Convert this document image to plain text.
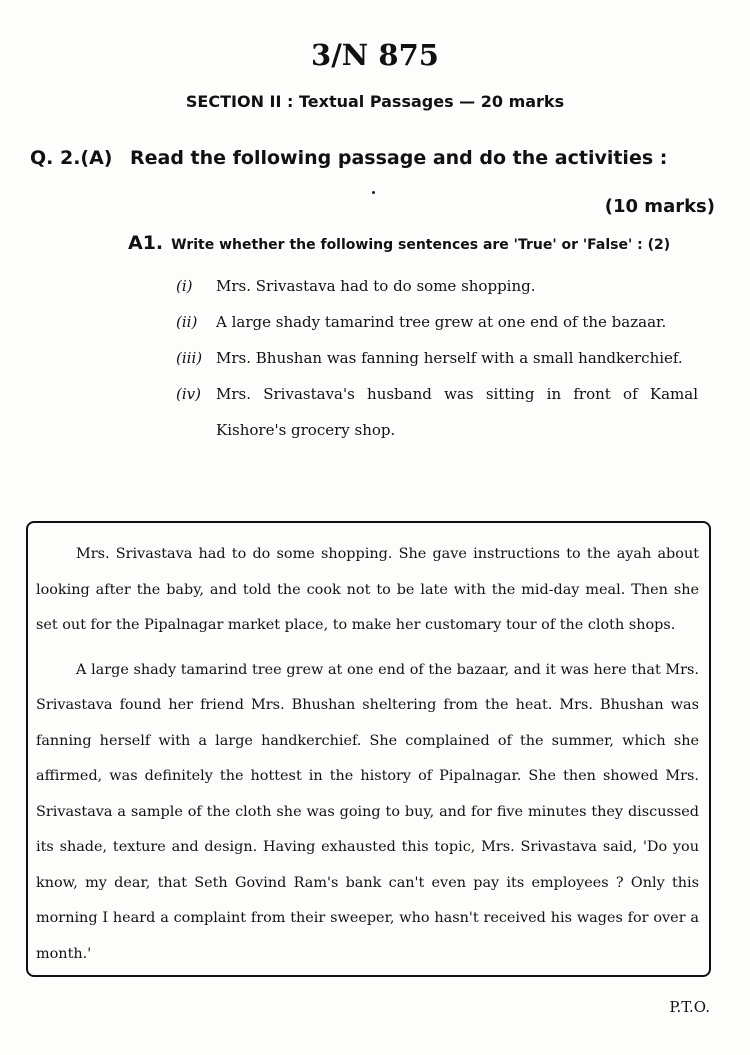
3/N 875
SECTION II : Textual Passages — 20 marks
Q. 2.(A) Read the following passage and do the activities :
(10 marks)
A1. Write whether the following sentences are 'True' or 'False' : (2)
(i)	Mrs. Srivastava had to do some shopping.
(ii)	A large shady tamarind tree grew at one end of the bazaar.
(iii) Mrs. Bhushan was fanning herself with a small handkerchief.
(iv)	Mrs. Srivastava's husband was sitting in front of Kamal Kishore's grocery shop.

Mrs. Srivastava had to do some shopping. She gave instructions to the ayah about looking after the baby, and told the cook not to be late with the mid-day meal. Then she set out for the Pipalnagar market place, to make her customary tour of the cloth shops.

A large shady tamarind tree grew at one end of the bazaar, and it was here that Mrs. Srivastava found her friend Mrs. Bhushan sheltering from the heat. Mrs. Bhushan was fanning herself with a large handkerchief. She complained of the summer, which she affirmed, was definitely the hottest in the history of Pipalnagar. She then showed Mrs. Srivastava a sample of the cloth she was going to buy, and for five minutes they discussed its shade, texture and design. Having exhausted this topic, Mrs. Srivastava said, 'Do you know, my dear, that Seth Govind Ram's bank can't even pay its employees ? Only this morning I heard a complaint from their sweeper, who hasn't received his wages for over a month.'

P.T.O.
